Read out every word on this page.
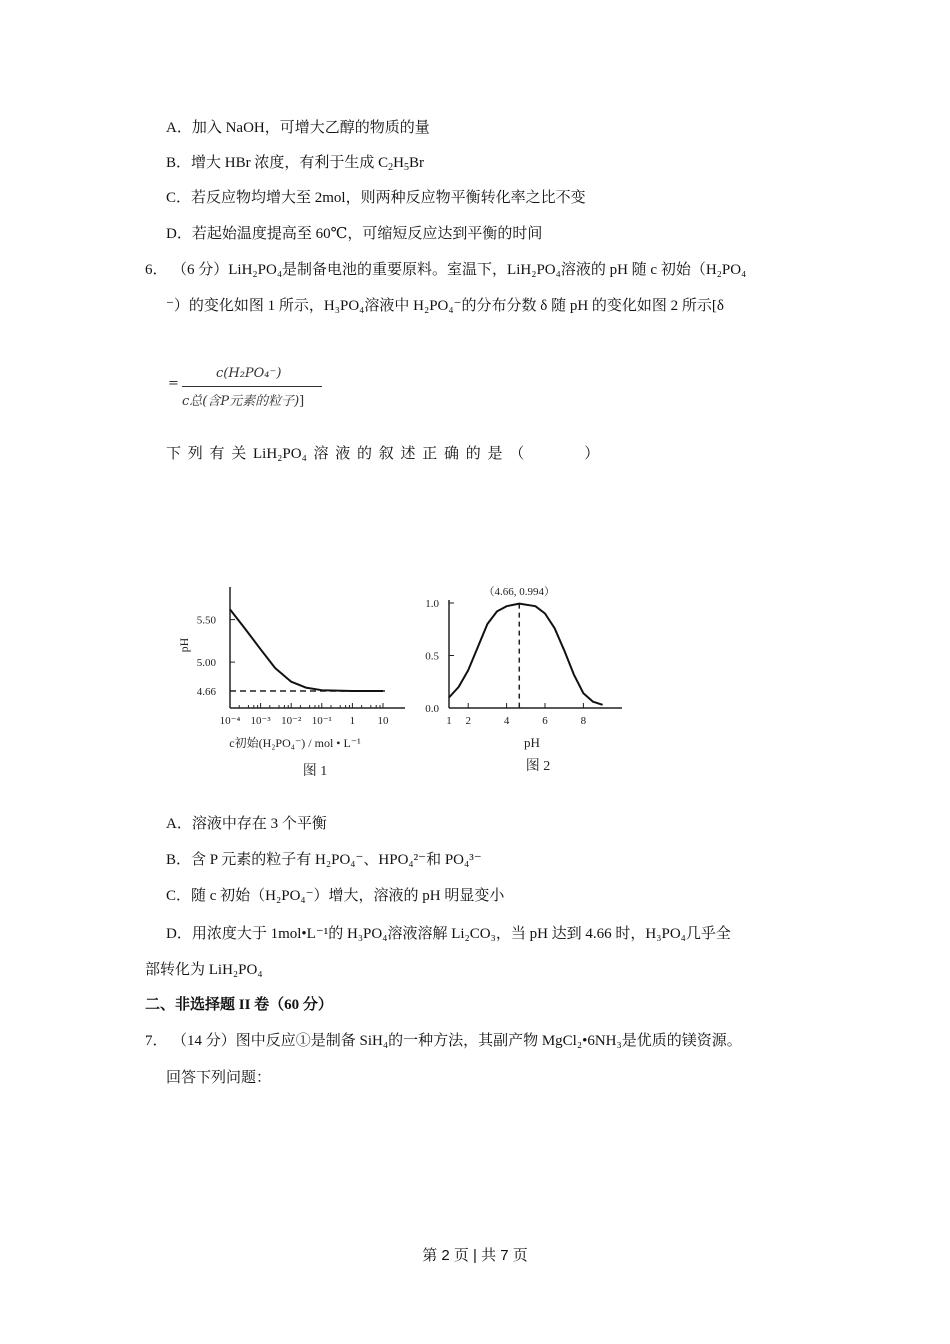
A．加入 NaOH，可增大乙醇的物质的量
B．增大 HBr 浓度，有利于生成 $C_2H_5Br$
C．若反应物均增大至 2mol，则两种反应物平衡转化率之比不变
D．若起始温度提高至 60℃，可缩短反应达到平衡的时间
6． （6 分）LiH₂PO₄是制备电池的重要原料。室温下，LiH₂PO₄溶液的 pH 随 c 初始（H₂PO₄
⁻）的变化如图 1 所示，H₃PO₄溶液中 H₂PO₄⁻的分布分数 δ 随 pH 的变化如图 2 所示[δ
=
c(H₂PO₄⁻)
c总(含P元素的粒子)]
下 列 有 关 LiH₂PO₄ 溶 液 的 叙 述 正 确 的 是 （　　　　）
5.50
5.00
4.66
10⁻⁴ 10⁻³ 10⁻² 10⁻¹ 1 10
pH
c初始(H₂PO₄⁻) / mol • L⁻¹
图 1
0.0
0.5
1.0
1 2	4	6	8
（4.66, 0.994）
pH
图 2
A．溶液中存在 3 个平衡
B．含 P 元素的粒子有 H₂PO₄⁻、HPO₄²⁻和 PO₄³⁻
C．随 c 初始（H₂PO₄⁻）增大，溶液的 pH 明显变小
D．用浓度大于 1mol•L⁻¹的 H₃PO₄溶液溶解 Li₂CO₃，当 pH 达到 4.66 时，H₃PO₄几乎全
部转化为 LiH₂PO₄
二、非选择题 II 卷（60 分）
7． （14 分）图中反应①是制备 SiH₄的一种方法，其副产物 MgCl₂•6NH₃是优质的镁资源。
回答下列问题：
第 2 页 | 共 7 页
